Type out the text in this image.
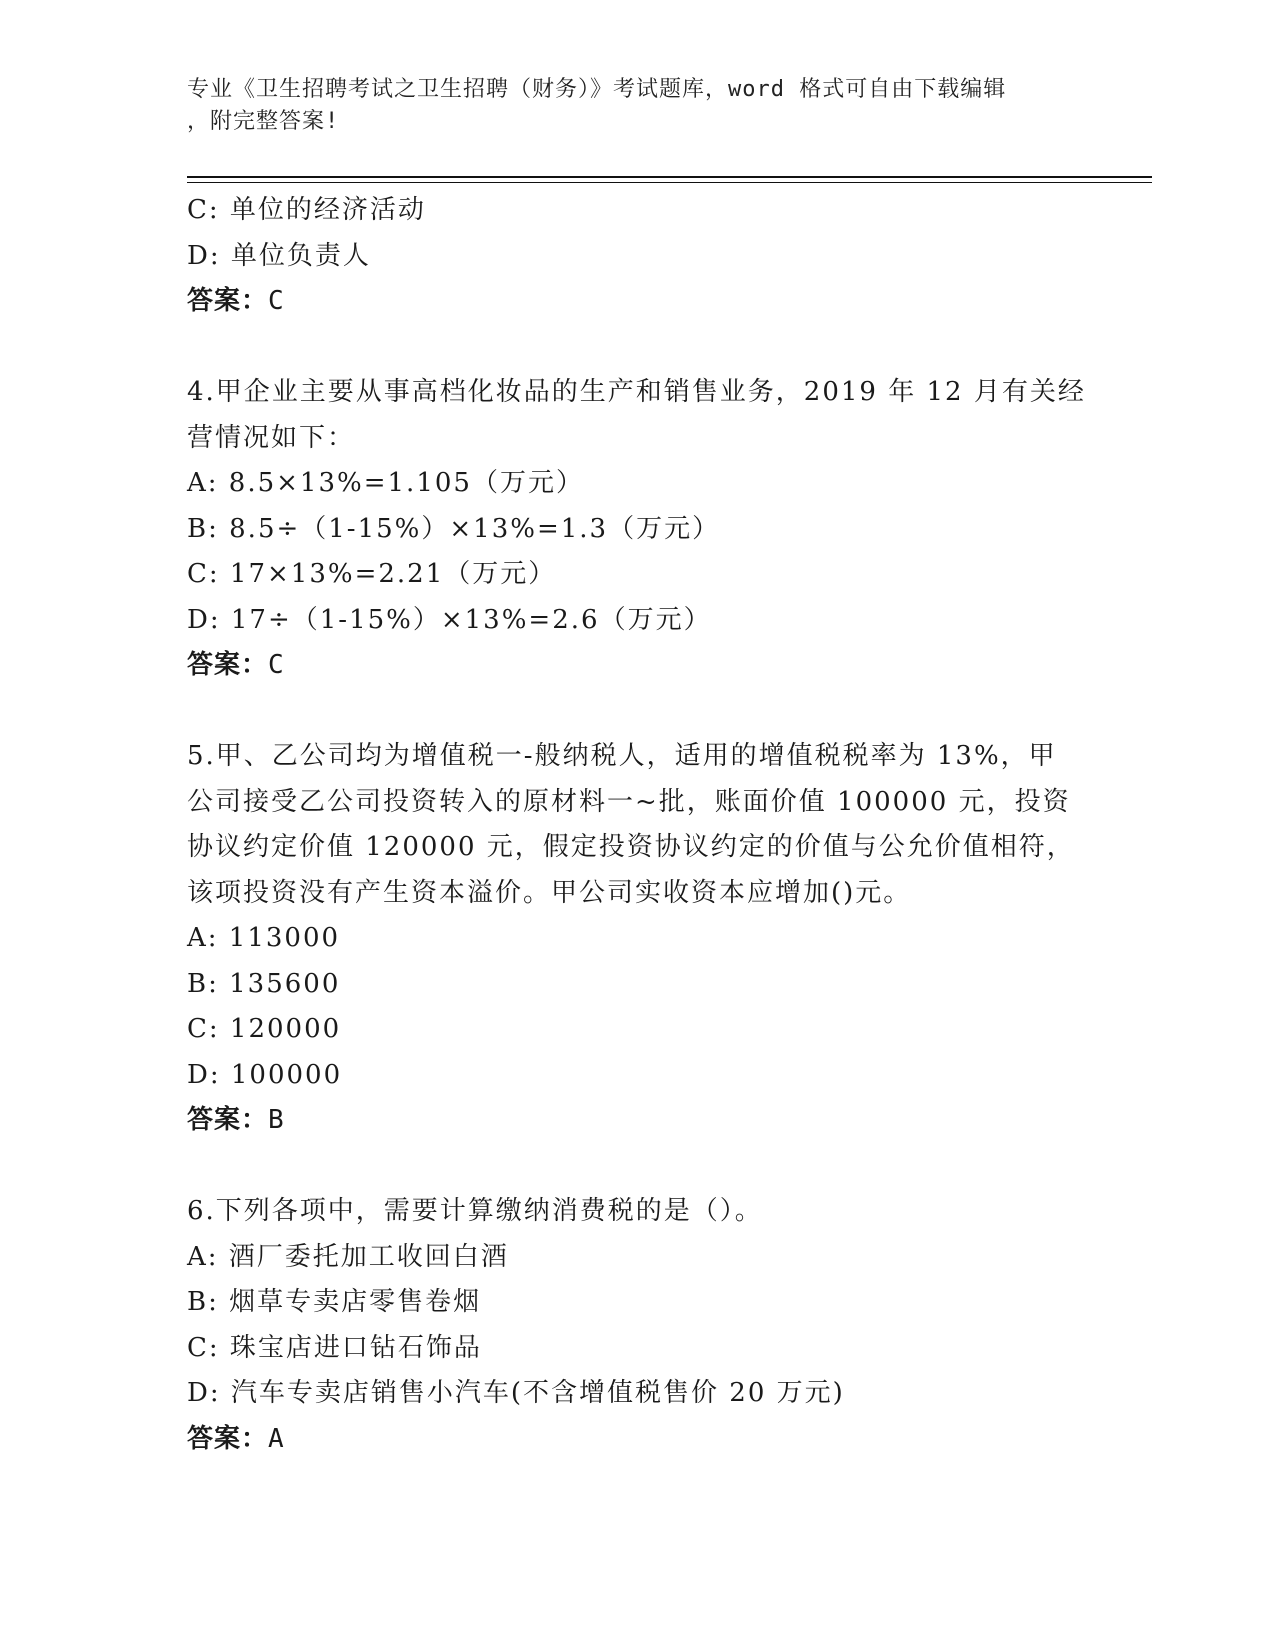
专业《卫生招聘考试之卫生招聘（财务）》考试题库，word 格式可自由下载编辑
，附完整答案!
C: 单位的经济活动
D: 单位负责人
答案：C
4.甲企业主要从事高档化妆品的生产和销售业务，2019 年 12 月有关经
营情况如下：
A: 8.5×13%=1.105（万元）
B: 8.5÷（1-15%）×13%=1.3（万元）
C: 17×13%=2.21（万元）
D: 17÷（1-15%）×13%=2.6（万元）
答案：C
5.甲、乙公司均为增值税一-般纳税人，适用的增值税税率为 13%，甲
公司接受乙公司投资转入的原材料一~批，账面价值 100000 元，投资
协议约定价值 120000 元，假定投资协议约定的价值与公允价值相符，
该项投资没有产生资本溢价。甲公司实收资本应增加()元。
A: 113000
B: 135600
C: 120000
D: 100000
答案：B
6.下列各项中，需要计算缴纳消费税的是（）。
A: 酒厂委托加工收回白酒
B: 烟草专卖店零售卷烟
C: 珠宝店进口钻石饰品
D: 汽车专卖店销售小汽车(不含增值税售价 20 万元)
答案：A
